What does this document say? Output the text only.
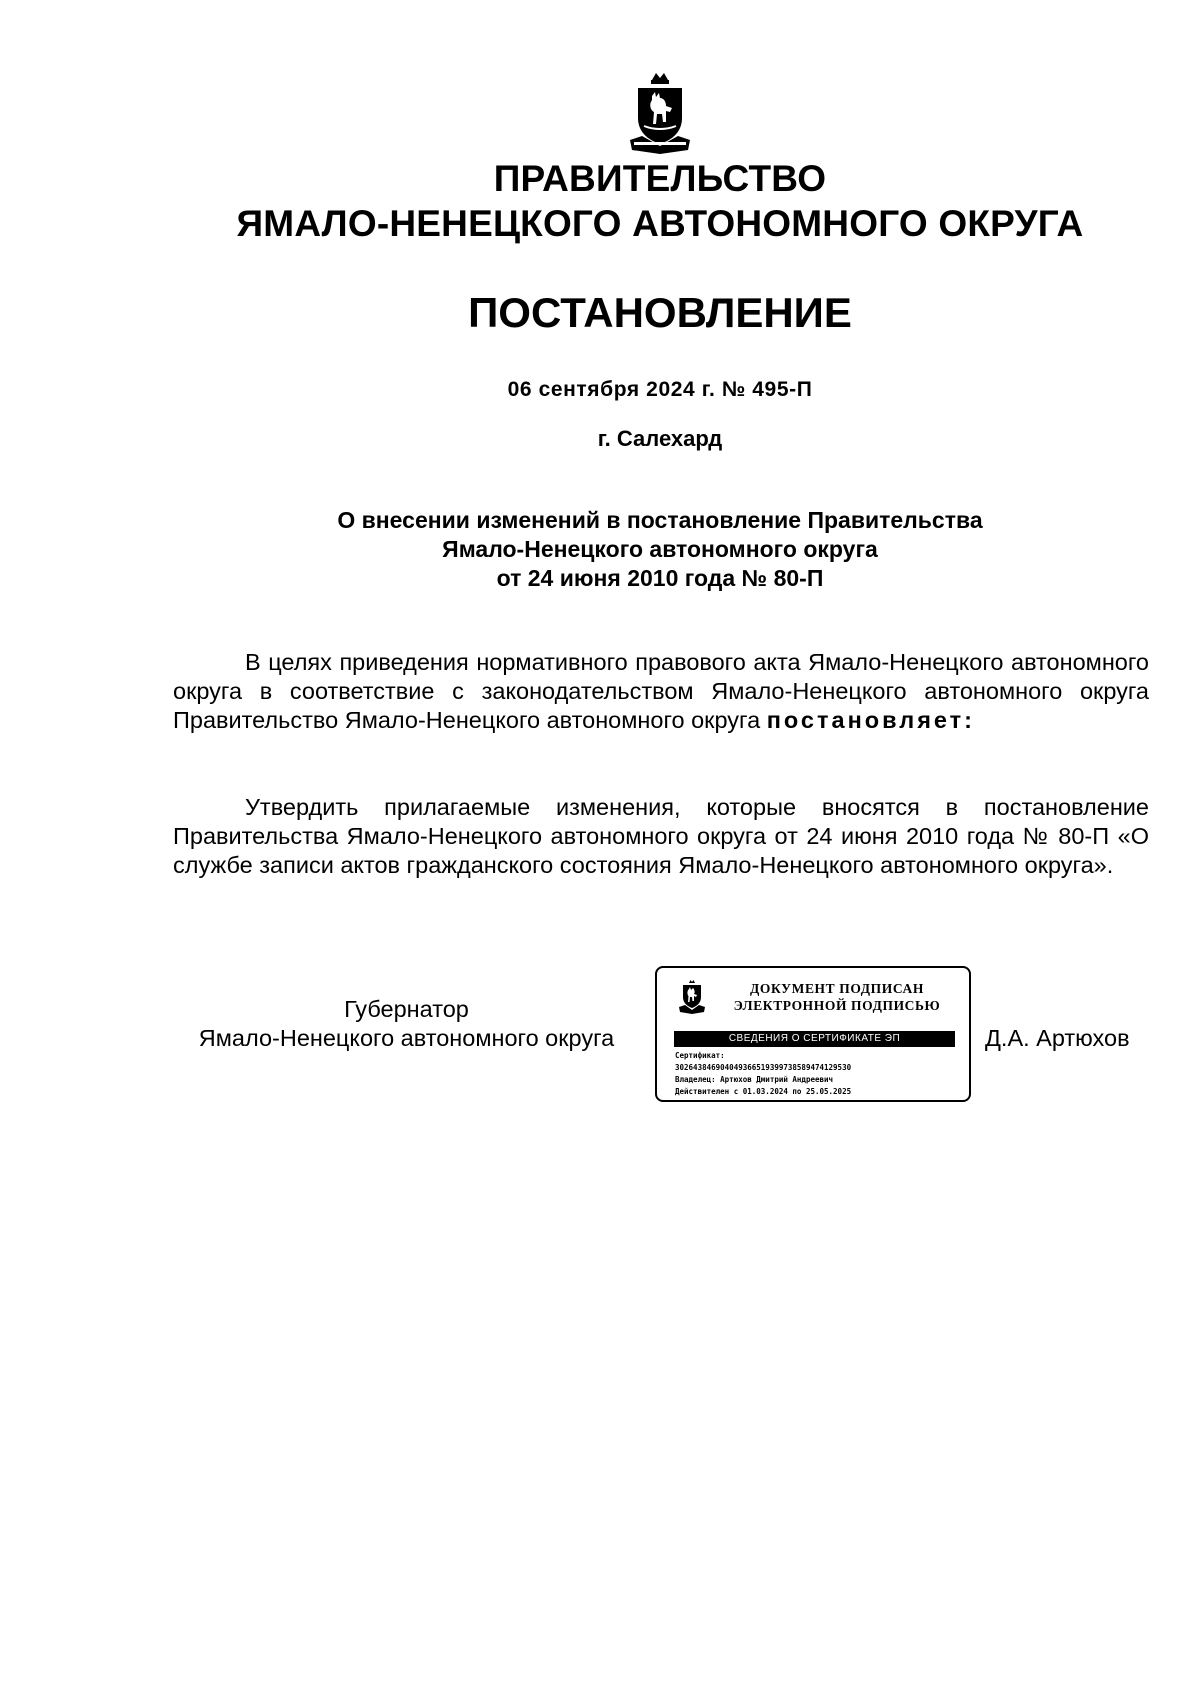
ПРАВИТЕЛЬСТВО
ЯМАЛО-НЕНЕЦКОГО АВТОНОМНОГО ОКРУГА
ПОСТАНОВЛЕНИЕ
06 сентября 2024 г. № 495-П
г. Салехард
О внесении изменений в постановление Правительства
Ямало-Ненецкого автономного округа
от 24 июня 2010 года № 80-П
В целях приведения нормативного правового акта Ямало-Ненецкого автономного округа в соответствие с законодательством Ямало-Ненецкого автономного округа Правительство Ямало-Ненецкого автономного округа постановляет:
Утвердить прилагаемые изменения, которые вносятся в постановление Правительства Ямало-Ненецкого автономного округа от 24 июня 2010 года № 80-П «О службе записи актов гражданского состояния Ямало-Ненецкого автономного округа».
Губернатор
Ямало-Ненецкого автономного округа
ДОКУМЕНТ ПОДПИСАН
ЭЛЕКТРОННОЙ ПОДПИСЬЮ
СВЕДЕНИЯ О СЕРТИФИКАТЕ ЭП
Сертификат:
3026438469040493665193997385894741295З0
Владелец: Артюхов Дмитрий Андреевич
Действителен с 01.03.2024 по 25.05.2025
Д.А. Артюхов
